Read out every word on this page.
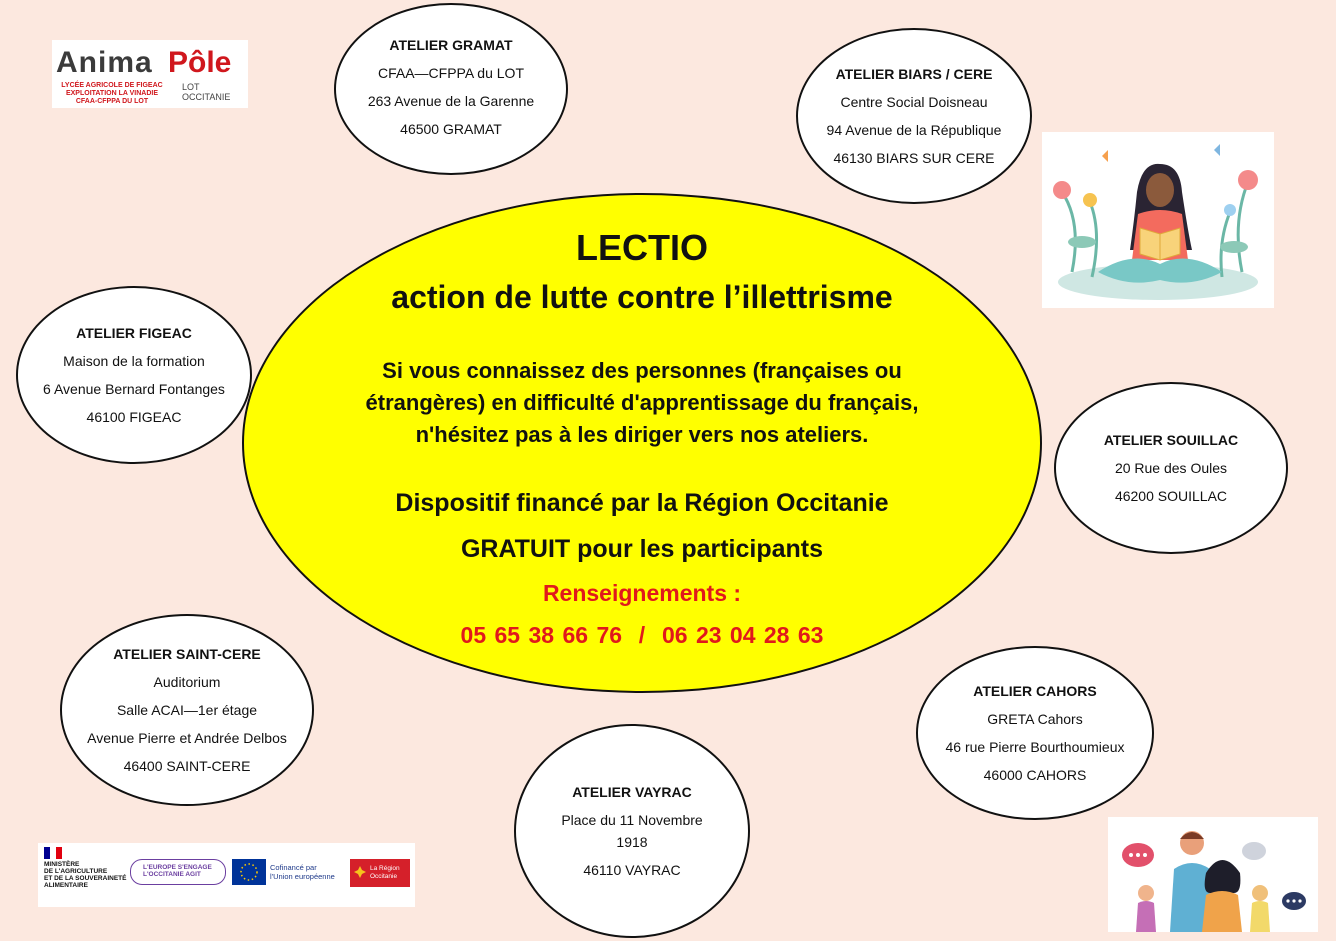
Anima Pôle
LYCÉE AGRICOLE DE FIGEAC
EXPLOITATION LA VINADIE
CFAA-CFPPA DU LOT
LOT
OCCITANIE
ATELIER GRAMAT
CFAA—CFPPA du LOT
263 Avenue de la Garenne
46500 GRAMAT
ATELIER BIARS / CERE
Centre Social Doisneau
94 Avenue de la République
46130 BIARS SUR CERE
ATELIER FIGEAC
Maison de la formation
6 Avenue Bernard Fontanges
46100 FIGEAC
ATELIER SOUILLAC
20 Rue des Oules
46200 SOUILLAC
ATELIER SAINT-CERE
Auditorium
Salle ACAI—1er étage
Avenue Pierre et Andrée Delbos
46400 SAINT-CERE
ATELIER CAHORS
GRETA Cahors
46 rue Pierre Bourthoumieux
46000 CAHORS
ATELIER VAYRAC
Place du 11 Novembre
1918
46110 VAYRAC
LECTIO
action de lutte contre l’illettrisme
Si vous connaissez des personnes (françaises ou
étrangères) en difficulté d'apprentissage du français,
n'hésitez pas à les diriger vers nos ateliers.
Dispositif financé par la Région Occitanie
GRATUIT pour les participants
Renseignements :
05 65 38 66 76  /  06 23 04 28 63
MINISTÈRE
DE L'AGRICULTURE
ET DE LA SOUVERAINETÉ
ALIMENTAIRE
L'EUROPE S'ENGAGE
L'OCCITANIE AGIT
Cofinancé par
l'Union européenne
La Région
Occitanie
